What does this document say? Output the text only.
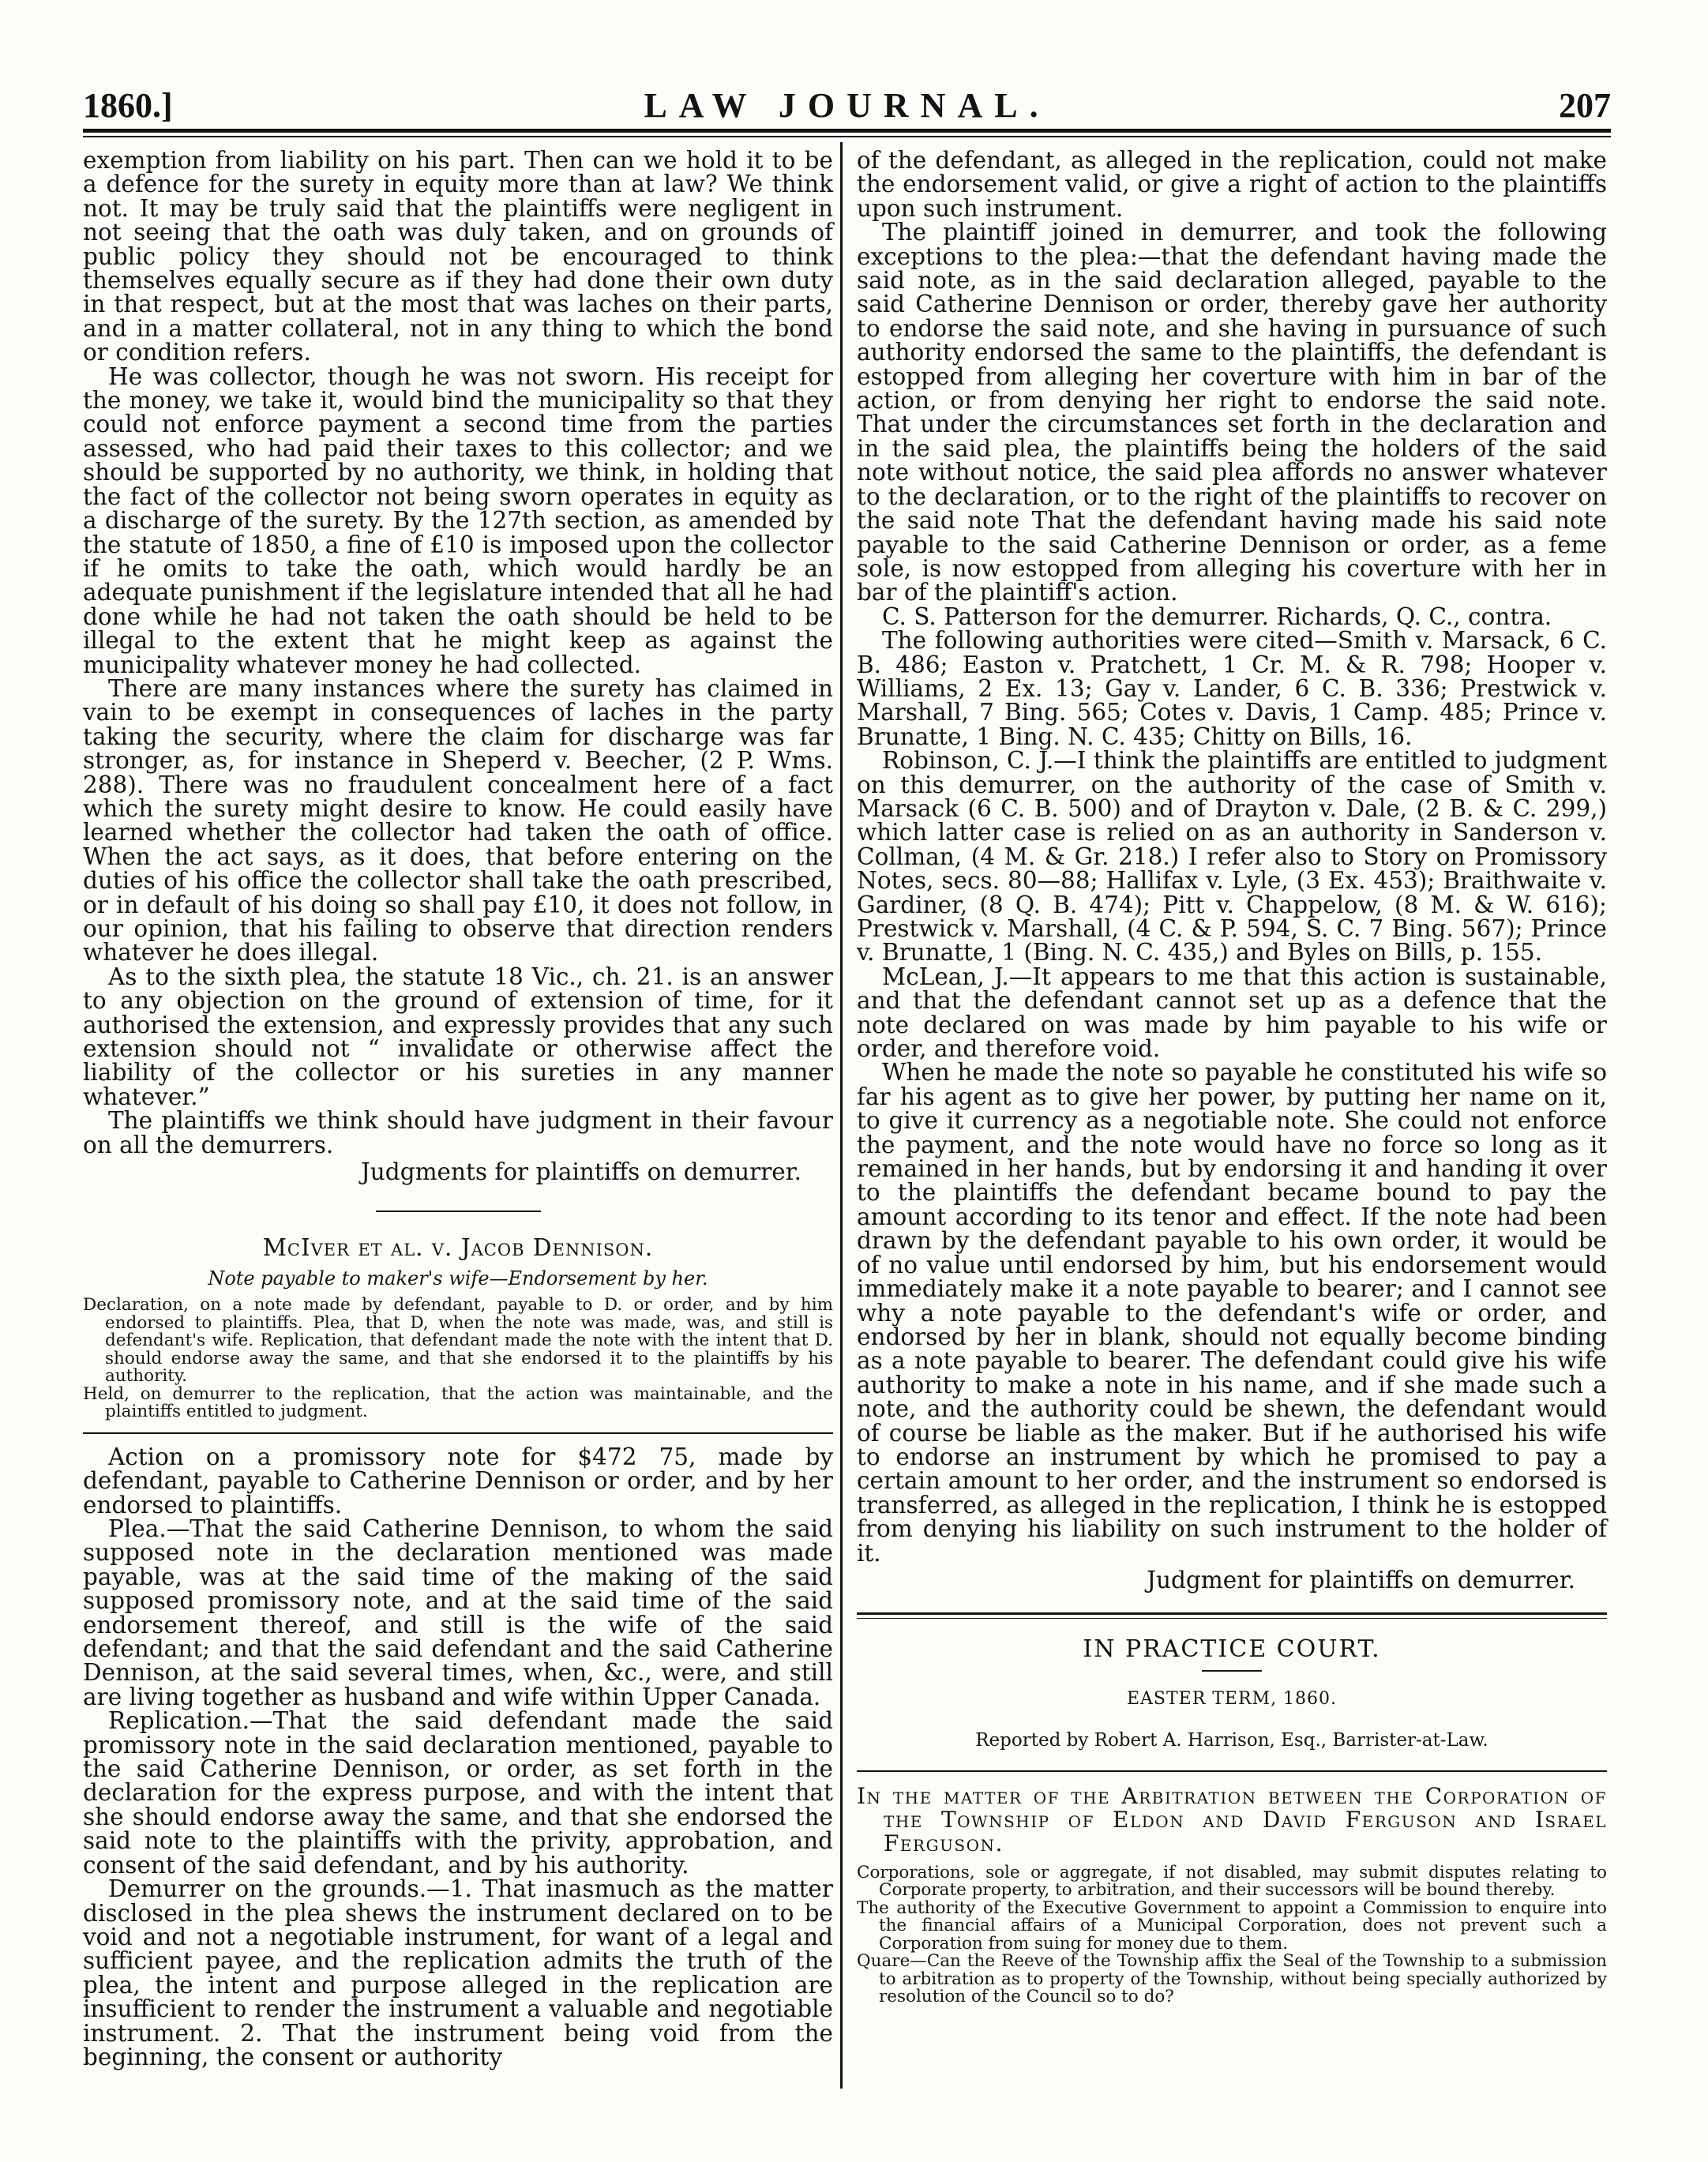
1860.]	LAW JOURNAL.	207

exemption from liability on his part. Then can we hold it to be a defence for the surety in equity more than at law? We think not. It may be truly said that the plaintiffs were negligent in not seeing that the oath was duly taken, and on grounds of public policy they should not be encouraged to think themselves equally secure as if they had done their own duty in that respect, but at the most that was laches on their parts, and in a matter collateral, not in any thing to which the bond or condition refers.

He was collector, though he was not sworn. His receipt for the money, we take it, would bind the municipality so that they could not enforce payment a second time from the parties assessed, who had paid their taxes to this collector; and we should be supported by no authority, we think, in holding that the fact of the collector not being sworn operates in equity as a discharge of the surety. By the 127th section, as amended by the statute of 1850, a fine of £10 is imposed upon the collector if he omits to take the oath, which would hardly be an adequate punishment if the legislature intended that all he had done while he had not taken the oath should be held to be illegal to the extent that he might keep as against the municipality whatever money he had collected.

There are many instances where the surety has claimed in vain to be exempt in consequences of laches in the party taking the security, where the claim for discharge was far stronger, as, for instance in Sheperd v. Beecher, (2 P. Wms. 288). There was no fraudulent concealment here of a fact which the surety might desire to know. He could easily have learned whether the collector had taken the oath of office. When the act says, as it does, that before entering on the duties of his office the collector shall take the oath prescribed, or in default of his doing so shall pay £10, it does not follow, in our opinion, that his failing to observe that direction renders whatever he does illegal.

As to the sixth plea, the statute 18 Vic., ch. 21. is an answer to any objection on the ground of extension of time, for it authorised the extension, and expressly provides that any such extension should not “ invalidate or otherwise affect the liability of the collector or his sureties in any manner whatever.”

The plaintiffs we think should have judgment in their favour on all the demurrers.

Judgments for plaintiffs on demurrer.

McIver et al. v. Jacob Dennison.

Note payable to maker's wife—Endorsement by her.

Declaration, on a note made by defendant, payable to D. or order, and by him endorsed to plaintiffs. Plea, that D, when the note was made, was, and still is defendant's wife. Replication, that defendant made the note with the intent that D. should endorse away the same, and that she endorsed it to the plaintiffs by his authority.

Held, on demurrer to the replication, that the action was maintainable, and the plaintiffs entitled to judgment.

Action on a promissory note for $472 75, made by defendant, payable to Catherine Dennison or order, and by her endorsed to plaintiffs.

Plea.—That the said Catherine Dennison, to whom the said supposed note in the declaration mentioned was made payable, was at the said time of the making of the said supposed promissory note, and at the said time of the said endorsement thereof, and still is the wife of the said defendant; and that the said defendant and the said Catherine Dennison, at the said several times, when, &c., were, and still are living together as husband and wife within Upper Canada.

Replication.—That the said defendant made the said promissory note in the said declaration mentioned, payable to the said Catherine Dennison, or order, as set forth in the declaration for the express purpose, and with the intent that she should endorse away the same, and that she endorsed the said note to the plaintiffs with the privity, approbation, and consent of the said defendant, and by his authority.

Demurrer on the grounds.—1. That inasmuch as the matter disclosed in the plea shews the instrument declared on to be void and not a negotiable instrument, for want of a legal and sufficient payee, and the replication admits the truth of the plea, the intent and purpose alleged in the replication are insufficient to render the instrument a valuable and negotiable instrument. 2. That the instrument being void from the beginning, the consent or authority

of the defendant, as alleged in the replication, could not make the endorsement valid, or give a right of action to the plaintiffs upon such instrument.

The plaintiff joined in demurrer, and took the following exceptions to the plea:—that the defendant having made the said note, as in the said declaration alleged, payable to the said Catherine Dennison or order, thereby gave her authority to endorse the said note, and she having in pursuance of such authority endorsed the same to the plaintiffs, the defendant is estopped from alleging her coverture with him in bar of the action, or from denying her right to endorse the said note. That under the circumstances set forth in the declaration and in the said plea, the plaintiffs being the holders of the said note without notice, the said plea affords no answer whatever to the declaration, or to the right of the plaintiffs to recover on the said note That the defendant having made his said note payable to the said Catherine Dennison or order, as a feme sole, is now estopped from alleging his coverture with her in bar of the plaintiff's action.

C. S. Patterson for the demurrer. Richards, Q. C., contra.

The following authorities were cited—Smith v. Marsack, 6 C. B. 486; Easton v. Pratchett, 1 Cr. M. & R. 798; Hooper v. Williams, 2 Ex. 13; Gay v. Lander, 6 C. B. 336; Prestwick v. Marshall, 7 Bing. 565; Cotes v. Davis, 1 Camp. 485; Prince v. Brunatte, 1 Bing. N. C. 435; Chitty on Bills, 16.

Robinson, C. J.—I think the plaintiffs are entitled to judgment on this demurrer, on the authority of the case of Smith v. Marsack (6 C. B. 500) and of Drayton v. Dale, (2 B. & C. 299,) which latter case is relied on as an authority in Sanderson v. Collman, (4 M. & Gr. 218.) I refer also to Story on Promissory Notes, secs. 80—88; Hallifax v. Lyle, (3 Ex. 453); Braithwaite v. Gardiner, (8 Q. B. 474); Pitt v. Chappelow, (8 M. & W. 616); Prestwick v. Marshall, (4 C. & P. 594, S. C. 7 Bing. 567); Prince v. Brunatte, 1 (Bing. N. C. 435,) and Byles on Bills, p. 155.

McLean, J.—It appears to me that this action is sustainable, and that the defendant cannot set up as a defence that the note declared on was made by him payable to his wife or order, and therefore void.

When he made the note so payable he constituted his wife so far his agent as to give her power, by putting her name on it, to give it currency as a negotiable note. She could not enforce the payment, and the note would have no force so long as it remained in her hands, but by endorsing it and handing it over to the plaintiffs the defendant became bound to pay the amount according to its tenor and effect. If the note had been drawn by the defendant payable to his own order, it would be of no value until endorsed by him, but his endorsement would immediately make it a note payable to bearer; and I cannot see why a note payable to the defendant's wife or order, and endorsed by her in blank, should not equally become binding as a note payable to bearer. The defendant could give his wife authority to make a note in his name, and if she made such a note, and the authority could be shewn, the defendant would of course be liable as the maker. But if he authorised his wife to endorse an instrument by which he promised to pay a certain amount to her order, and the instrument so endorsed is transferred, as alleged in the replication, I think he is estopped from denying his liability on such instrument to the holder of it.

Judgment for plaintiffs on demurrer.

IN PRACTICE COURT.

EASTER TERM, 1860.

Reported by Robert A. Harrison, Esq., Barrister-at-Law.

In the matter of the Arbitration between the Corporation of the Township of Eldon and David Ferguson and Israel Ferguson.

Corporations, sole or aggregate, if not disabled, may submit disputes relating to Corporate property, to arbitration, and their successors will be bound thereby.

The authority of the Executive Government to appoint a Commission to enquire into the financial affairs of a Municipal Corporation, does not prevent such a Corporation from suing for money due to them.

Quare—Can the Reeve of the Township affix the Seal of the Township to a submission to arbitration as to property of the Township, without being specially authorized by resolution of the Council so to do?
